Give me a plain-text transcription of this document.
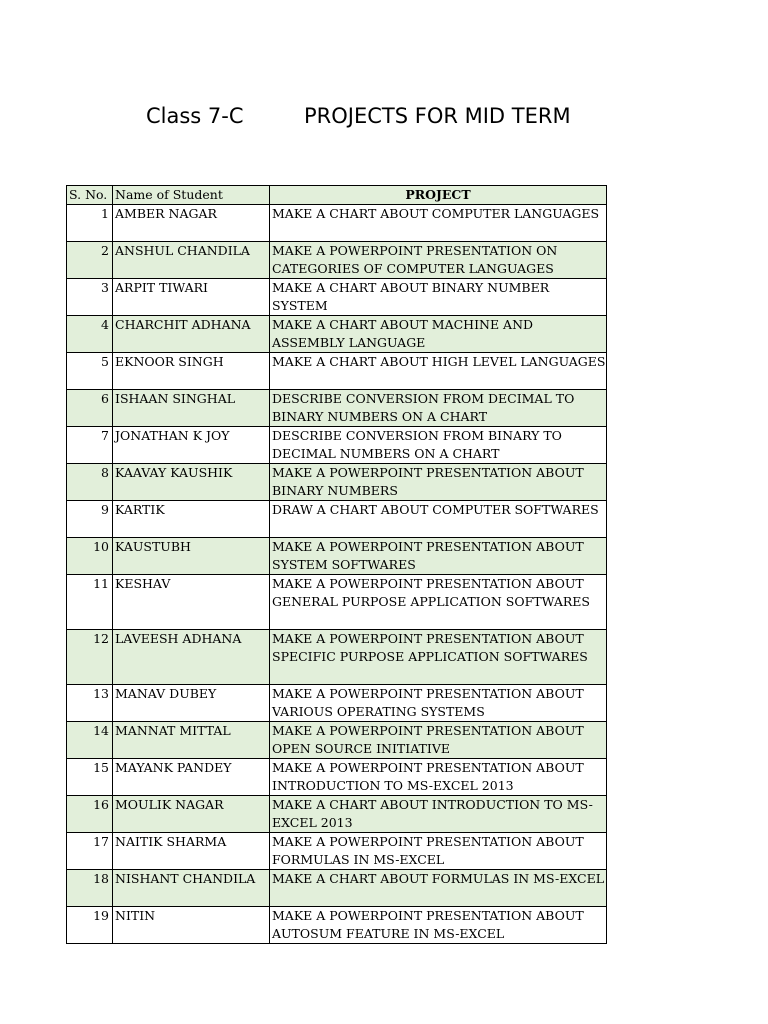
Class 7-C	PROJECTS FOR MID TERM
S. No.	Name of Student	PROJECT
1	AMBER NAGAR	MAKE A CHART ABOUT COMPUTER LANGUAGES
2	ANSHUL CHANDILA	MAKE A POWERPOINT PRESENTATION ON CATEGORIES OF COMPUTER LANGUAGES
3	ARPIT TIWARI	MAKE A CHART ABOUT BINARY NUMBER SYSTEM
4	CHARCHIT ADHANA	MAKE A CHART ABOUT MACHINE AND ASSEMBLY LANGUAGE
5	EKNOOR SINGH	MAKE A CHART ABOUT HIGH LEVEL LANGUAGES
6	ISHAAN SINGHAL	DESCRIBE CONVERSION FROM DECIMAL TO BINARY NUMBERS ON A CHART
7	JONATHAN K JOY	DESCRIBE CONVERSION FROM BINARY TO DECIMAL NUMBERS ON A CHART
8	KAAVAY KAUSHIK	MAKE A POWERPOINT PRESENTATION ABOUT BINARY NUMBERS
9	KARTIK	DRAW A CHART ABOUT COMPUTER SOFTWARES
10	KAUSTUBH	MAKE A POWERPOINT PRESENTATION ABOUT SYSTEM SOFTWARES
11	KESHAV	MAKE A POWERPOINT PRESENTATION ABOUT GENERAL PURPOSE APPLICATION SOFTWARES
12	LAVEESH ADHANA	MAKE A POWERPOINT PRESENTATION ABOUT SPECIFIC PURPOSE APPLICATION SOFTWARES
13	MANAV DUBEY	MAKE A POWERPOINT PRESENTATION ABOUT VARIOUS OPERATING SYSTEMS
14	MANNAT MITTAL	MAKE A POWERPOINT PRESENTATION ABOUT OPEN SOURCE INITIATIVE
15	MAYANK PANDEY	MAKE A POWERPOINT PRESENTATION ABOUT INTRODUCTION TO MS-EXCEL 2013
16	MOULIK NAGAR	MAKE A CHART ABOUT INTRODUCTION TO MS-EXCEL 2013
17	NAITIK SHARMA	MAKE A POWERPOINT PRESENTATION ABOUT FORMULAS IN MS-EXCEL
18	NISHANT CHANDILA	MAKE A CHART ABOUT FORMULAS IN MS-EXCEL
19	NITIN	MAKE A POWERPOINT PRESENTATION ABOUT AUTOSUM FEATURE IN MS-EXCEL
